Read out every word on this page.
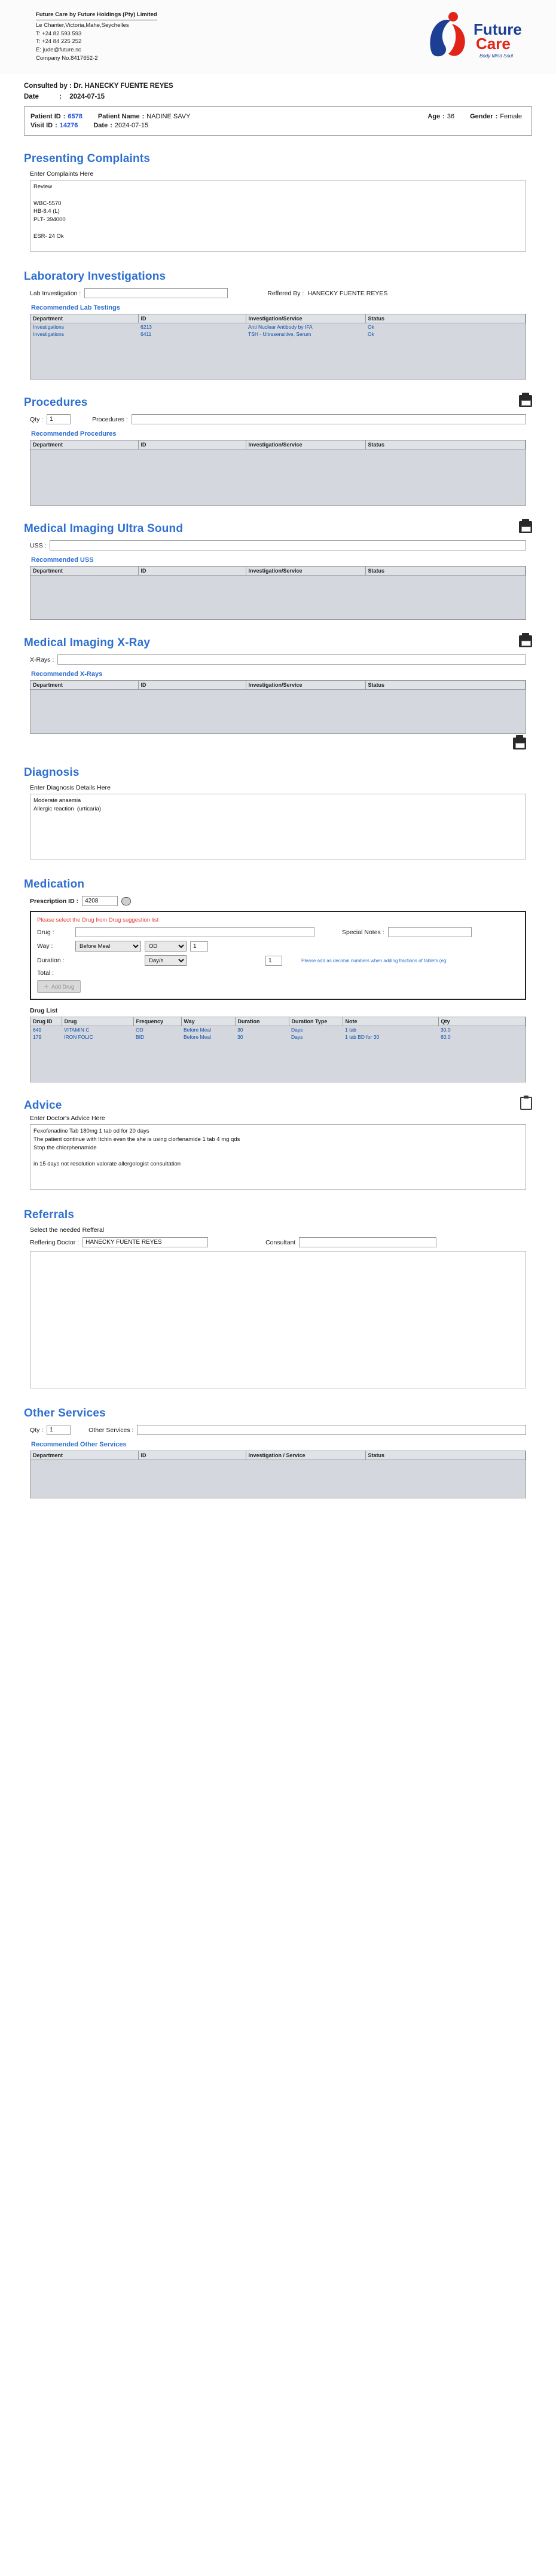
Future Care by Future Holdings (Pty) Limited
Le Chanter,Victoria,Mahe,Seychelles
T: +24 82 593 593
T: +24 84 225 252
E: jude@future.sc
Company No.8417652-2
Future
Care
Body Mind Soul
Consulted by : Dr. HANECKY FUENTE REYES
Date	: 2024-07-15
Patient ID : 6578 Patient Name : NADINE SAVY	Age : 36 Gender : Female
Visit ID : 14276 Date : 2024-07-15
Presenting Complaints
Enter Complaints Here
Review WBC-5570 HB-8.4 (L) PLT- 394000 ESR- 24 Ok
Laboratory Investigations
Lab Investigation :	Reffered By : HANECKY FUENTE REYES
Recommended Lab Testings
Department	ID	Investigation/Service	Status
Investigations	6213	Anti Nuclear Antibody by IFA	Ok
Investigations	6411	TSH - Ultrasensitive, Serum	Ok
Procedures
Qty :
1	Procedures :
Recommended Procedures
Department	ID	Investigation/Service	Status

Medical Imaging Ultra Sound
USS :
Recommended USS
Department	ID	Investigation/Service	Status

Medical Imaging X-Ray
X-Rays :
Recommended X-Rays
Department	ID	Investigation/Service	Status

Diagnosis
Enter Diagnosis Details Here
Moderate anaemia Allergic reaction (urticaria)
Medication
Prescription ID :
4208
Please select the Drug from Drug suggestion list
Drug :	Special Notes :
Way :
Before Meal
OD
1
Duration :
Day/s
1	Please add as decimal numbers when adding fractions of tablets (eg:
Total :
＋ Add Drug
Drug List
Drug ID	Drug	Frequency	Way	Duration	Duration Type	Note	Qty
649	VITAMIN C	OD	Before Meal	30	Days	1 tab	30.0
179	IRON FOLIC	BID	Before Meal	30	Days	1 tab BD for 30	60.0
Advice
Enter Doctor's Advice Here
Fexofenadine Tab 180mg 1 tab od for 20 days The patient continue with Itchin even the she is using clorfenamide 1 tab 4 mg qds Stop the chlorphenamide in 15 days not resolution valorate allergologist consultation
Referrals
Select the needed Refferal
Reffering Doctor :
HANECKY FUENTE REYES	Consultant
Other Services
Qty :
1	Other Services :
Recommended Other Services
Department	ID	Investigation / Service	Status
